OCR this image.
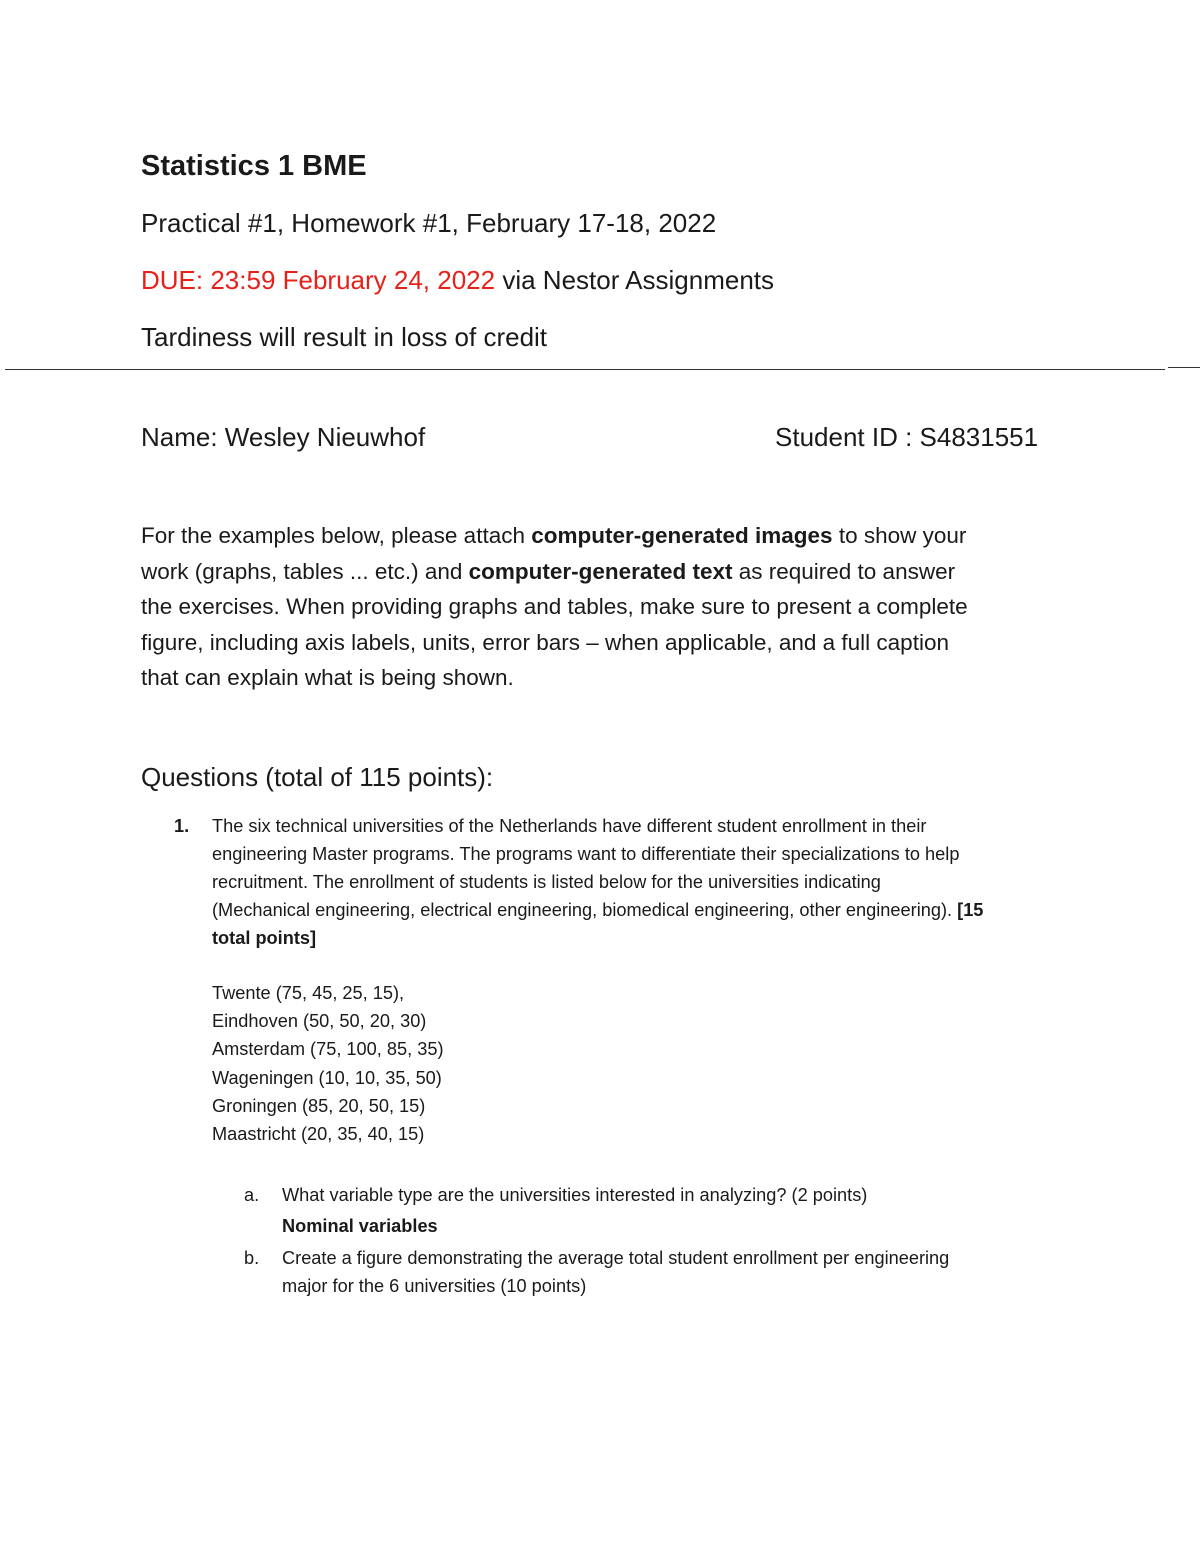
Statistics 1 BME
Practical #1, Homework #1, February 17-18, 2022
DUE: 23:59 February 24, 2022 via Nestor Assignments
Tardiness will result in loss of credit
Name: Wesley Nieuwhof	Student ID : S4831551
For the examples below, please attach computer-generated images to show your
work (graphs, tables ... etc.) and computer-generated text as required to answer
the exercises. When providing graphs and tables, make sure to present a complete
figure, including axis labels, units, error bars – when applicable, and a full caption
that can explain what is being shown.
Questions (total of 115 points):
1. The six technical universities of the Netherlands have different student enrollment in their
engineering Master programs. The programs want to differentiate their specializations to help
recruitment. The enrollment of students is listed below for the universities indicating
(Mechanical engineering, electrical engineering, biomedical engineering, other engineering). [15
total points]
Twente (75, 45, 25, 15),
Eindhoven (50, 50, 20, 30)
Amsterdam (75, 100, 85, 35)
Wageningen (10, 10, 35, 50)
Groningen (85, 20, 50, 15)
Maastricht (20, 35, 40, 15)
a. What variable type are the universities interested in analyzing? (2 points)
Nominal variables
b. Create a figure demonstrating the average total student enrollment per engineering
major for the 6 universities (10 points)
